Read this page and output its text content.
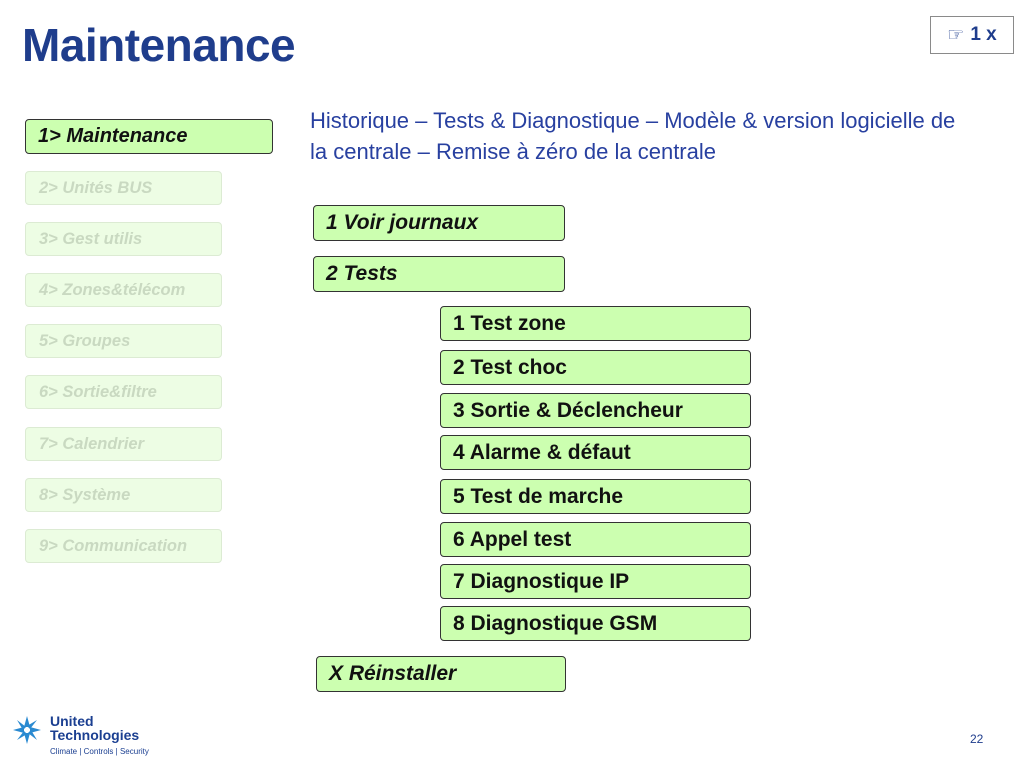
Maintenance	☞ 1 x
Historique – Tests & Diagnostique – Modèle & version logicielle de la centrale – Remise à zéro de la centrale
1> Maintenance
2> Unités BUS
3> Gest utilis
4> Zones&télécom
5> Groupes
6> Sortie&filtre
7> Calendrier
8> Système
9> Communication
1 Voir journaux
2 Tests
1 Test zone
2 Test choc
3 Sortie & Déclencheur
4 Alarme & défaut
5 Test de marche
6 Appel test
7 Diagnostique IP
8 Diagnostique GSM
X Réinstaller
United
Technologies
Climate | Controls | Security
22
